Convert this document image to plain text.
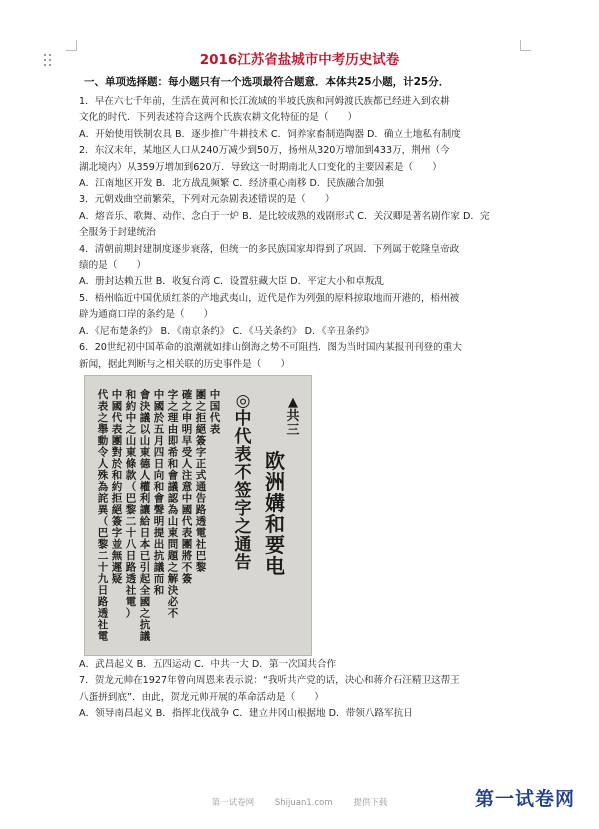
2016江苏省盐城市中考历史试卷
一、单项选择题：每小题只有一个选项最符合题意．本体共25小题，计25分．

1．早在六七千年前，生活在黄河和长江流域的半坡氏族和河姆渡氏族都已经进入到农耕

文化的时代．下列表述符合这两个氏族农耕文化特征的是（　　）

A．开始使用铁制农具 B．逐步推广牛耕技术 C．饲养家畜制造陶器 D．确立土地私有制度

2．东汉末年，某地区人口从240万减少到50万，扬州从320万增加到433万，荆州（今

湖北境内）从359万增加到620万．导致这一时期南北人口变化的主要因素是（　　）

A．江南地区开发 B．北方战乱频繁 C．经济重心南移 D．民族融合加强

3．元朝戏曲空前繁荣，下列对元杂剧表述错误的是（　　）

A．熔音乐、歌舞、动作、念白于一炉 B．是比较成熟的戏剧形式 C．关汉卿是著名剧作家 D．完

全服务于封建统治

4．清朝前期封建制度逐步衰落，但统一的多民族国家却得到了巩固．下列属于乾隆皇帝政

绩的是（　　）

A．册封达赖五世 B．收复台湾 C．设置驻藏大臣 D．平定大小和卓叛乱

5．梧州临近中国优质红茶的产地武夷山，近代是作为列强的原料掠取地而开港的，梧州被

辟为通商口岸的条约是（　　）

A．《尼布楚条约》 B．《南京条约》 C．《马关条约》 D．《辛丑条约》

6．20世纪初中国革命的浪潮就如排山倒海之势不可阻挡．图为当时国内某报刊刊登的重大

新闻，据此判断与之相关联的历史事件是（　　）

▲
共
三
欧
洲
媾
和
要
电
◎
中
代
表
不
签
字
之
通
告
中
国
代
表
團
之
拒
絕
簽
字
正
式
通
告
路
透
電
社
巴
黎
確
之
申
明
早
受
人
注
意
中
國
代
表
團
將
不
簽
字
之
理
由
即
希
和
會
議
認
為
山
東
問
題
之
解
決
必
不
中
國
於
五
月
四
日
向
和
會
聲
明
提
出
抗
議
而
和
會
決
議
以
山
東
德
人
權
利
讓
給
日
本
已
引
起
全
國
之
抗
議
和
約
中
之
山
東
條
款
（
巴
黎
二
十
八
日
路
透
社
電
）
中
國
代
表
團
對
於
和
約
拒
絕
簽
字
並
無
遲
疑
代
表
之
舉
動
令
人
殊
為
詫
異
（
巴
黎
二
十
九
日
路
透
社
電

A．武昌起义 B．五四运动 C．中共一大 D．第一次国共合作

7．贺龙元帅在1927年曾向周恩来表示说：“我听共产党的话，决心和蒋介石汪精卫这帮王

八蛋拼到底”．由此，贺龙元帅开展的革命活动是（　　）

A．领导南昌起义 B．指挥北伐战争 C．建立井冈山根据地 D．带领八路军抗日

第一试卷网 Shijuan1.com 提供下载	第一试卷网
